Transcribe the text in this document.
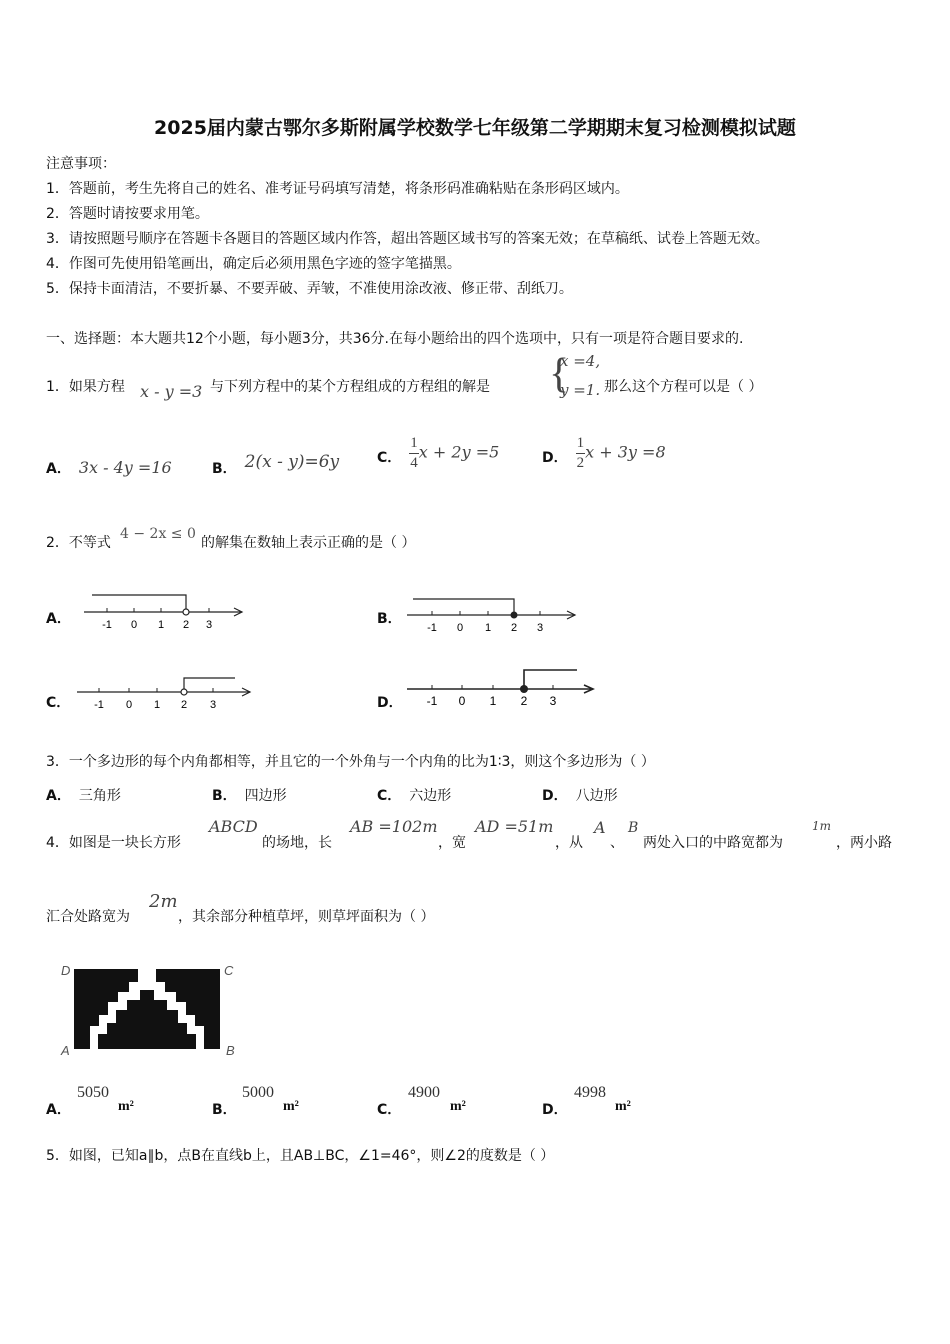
2025届内蒙古鄂尔多斯附属学校数学七年级第二学期期末复习检测模拟试题
注意事项：
1．答题前，考生先将自己的姓名、准考证号码填写清楚，将条形码准确粘贴在条形码区域内。
2．答题时请按要求用笔。
3．请按照题号顺序在答题卡各题目的答题区域内作答，超出答题区域书写的答案无效；在草稿纸、试卷上答题无效。
4．作图可先使用铅笔画出，确定后必须用黑色字迹的签字笔描黑。
5．保持卡面清洁，不要折暴、不要弄破、弄皱，不准使用涂改液、修正带、刮纸刀。
一、选择题：本大题共12个小题，每小题3分，共36分.在每小题给出的四个选项中，只有一项是符合题目要求的.
1．如果方程 x - y =3 与下列方程中的某个方程组成的方程组的解是 {
x =4,
y =1. 那么这个方程可以是（ ）
A． 3x - 4y =16	B． 2(x - y)=6y	C． $\frac{1}{4}$ x + 2y =5	D． $\frac{1}{2}$ x + 3y =8
2．不等式
4 − 2x ≤ 0
的解集在数轴上表示正确的是（ ）
A．	B．
C．	D．
-1 0 1 2 3	-1 0 1 2 3
-1 0 1 2 3	-1 0 1 2 3
3．一个多边形的每个内角都相等，并且它的一个外角与一个内角的比为1∶3，则这个多边形为（ ）
A． 三角形	B． 四边形	C． 六边形	D． 八边形
4．如图是一块长方形
ABCD
的场地，长
AB =102m
，宽
AD =51m
，从
A
、
B
两处入口的中路宽都为
1m
，两小路
汇合处路宽为
2m
，其余部分种植草坪，则草坪面积为（ ）
D	C
A	B
A．
5050
m²	B．
5000
m²	C．
4900
m²	D．
4998
m²
5．如图，已知a∥b，点B在直线b上，且AB⊥BC，∠1=46°，则∠2的度数是（ ）
